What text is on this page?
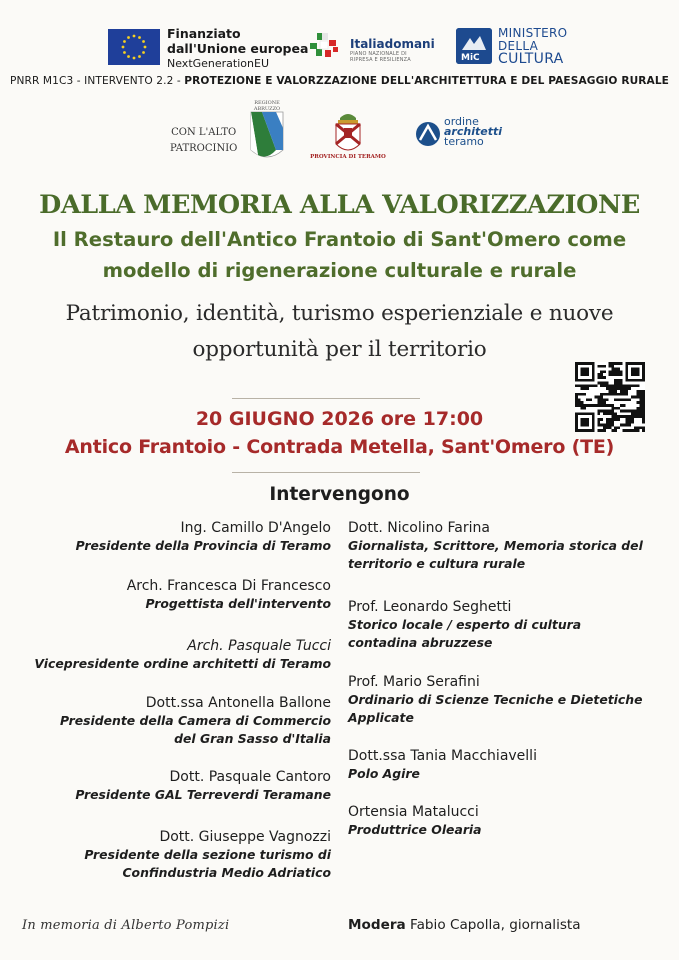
Finanziato
dall'Unione europea
NextGenerationEU
Italiadomani
PIANO NAZIONALE DI RIPRESA E RESILIENZA	MiC
MINISTERO
DELLA
CULTURA
PNRR M1C3 - INTERVENTO 2.2 - PROTEZIONE E VALORZZAZIONE DELL'ARCHITETTURA E DEL PAESAGGIO RURALE
CON L'ALTO
PATROCINIO
REGIONE ABRUZZO
PROVINCIA DI TERAMO
ordine
architetti
teramo
DALLA MEMORIA ALLA VALORIZZAZIONE
Il Restauro dell'Antico Frantoio di Sant'Omero come
modello di rigenerazione culturale e rurale
Patrimonio, identità, turismo esperienziale e nuove
opportunità per il territorio
20 GIUGNO 2026 ore 17:00
Antico Frantoio - Contrada Metella, Sant'Omero (TE)
Intervengono
Ing. Camillo D'Angelo
Presidente della Provincia di Teramo
Arch. Francesca Di Francesco
Progettista dell'intervento
Arch. Pasquale Tucci
Vicepresidente ordine architetti di Teramo
Dott.ssa Antonella Ballone
Presidente della Camera di Commercio
del Gran Sasso d'Italia
Dott. Pasquale Cantoro
Presidente GAL Terreverdi Teramane
Dott. Giuseppe Vagnozzi
Presidente della sezione turismo di
Confindustria Medio Adriatico
Dott. Nicolino Farina
Giornalista, Scrittore, Memoria storica del
territorio e cultura rurale
Prof. Leonardo Seghetti
Storico locale / esperto di cultura
contadina abruzzese
Prof. Mario Serafini
Ordinario di Scienze Tecniche e Dietetiche
Applicate
Dott.ssa Tania Macchiavelli
Polo Agire
Ortensia Matalucci
Produttrice Olearia
In memoria di Alberto Pompizi	Modera Fabio Capolla, giornalista
